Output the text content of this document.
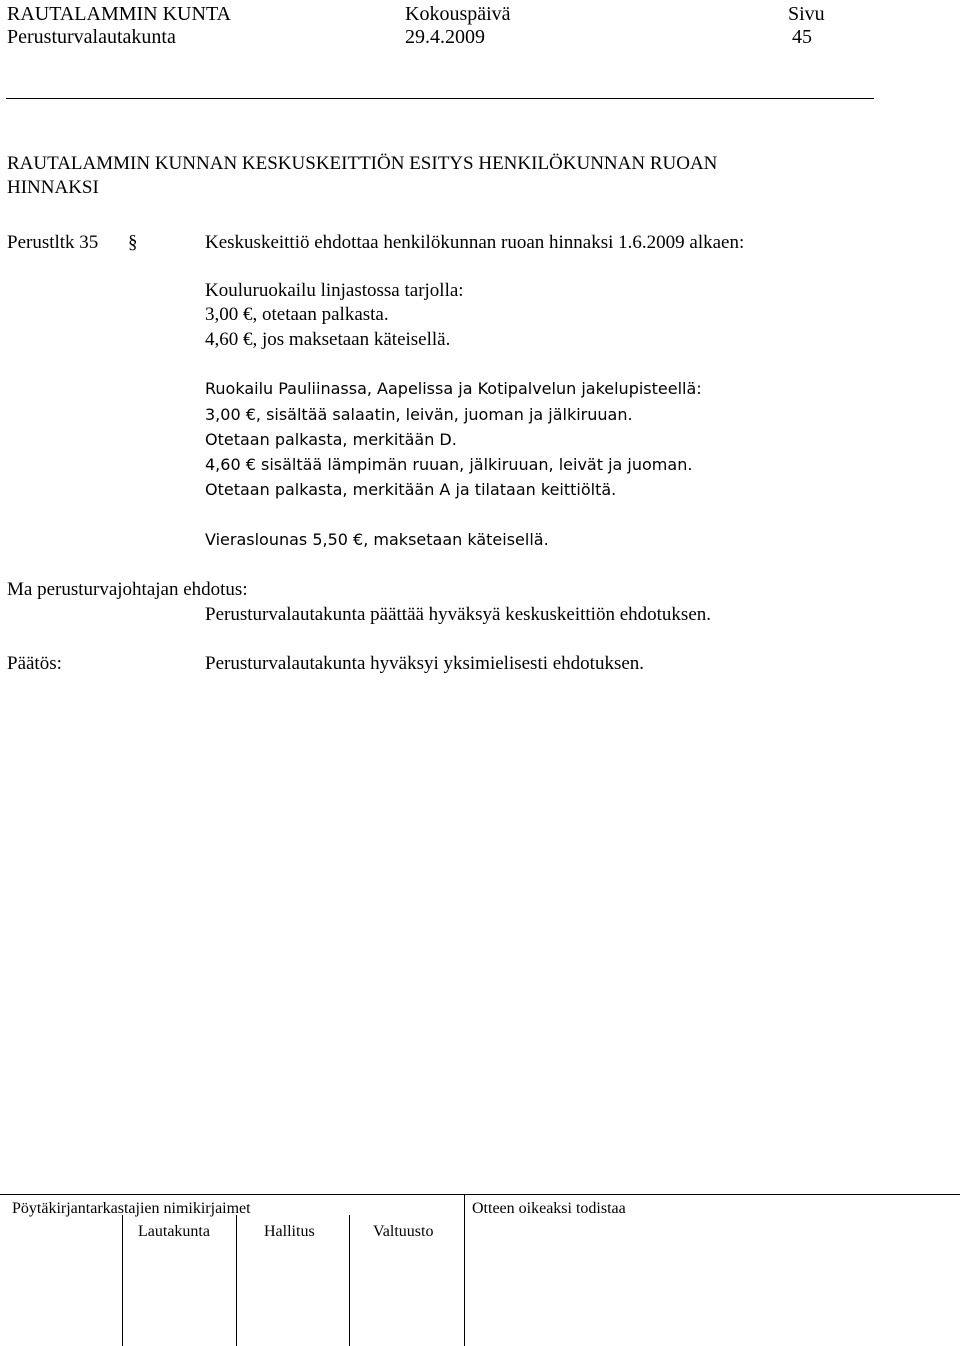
RAUTALAMMIN KUNTA	Kokouspäivä	Sivu
Perusturvalautakunta	29.4.2009	45
RAUTALAMMIN KUNNAN KESKUSKEITTIÖN ESITYS HENKILÖKUNNAN RUOAN
HINNAKSI
Perustltk 35 §	Keskuskeittiö ehdottaa henkilökunnan ruoan hinnaksi 1.6.2009 alkaen:
Kouluruokailu linjastossa tarjolla:
3,00 €, otetaan palkasta.
4,60 €, jos maksetaan käteisellä.
Ruokailu Pauliinassa, Aapelissa ja Kotipalvelun jakelupisteellä:
3,00 €, sisältää salaatin, leivän, juoman ja jälkiruuan.
Otetaan palkasta, merkitään D.
4,60 € sisältää lämpimän ruuan, jälkiruuan, leivät ja juoman.
Otetaan palkasta, merkitään A ja tilataan keittiöltä.
Vieraslounas 5,50 €, maksetaan käteisellä.
Ma perusturvajohtajan ehdotus:
Perusturvalautakunta päättää hyväksyä keskuskeittiön ehdotuksen.
Päätös:	Perusturvalautakunta hyväksyi yksimielisesti ehdotuksen.
Pöytäkirjantarkastajien nimikirjaimet	Otteen oikeaksi todistaa
Lautakunta	Hallitus	Valtuusto
